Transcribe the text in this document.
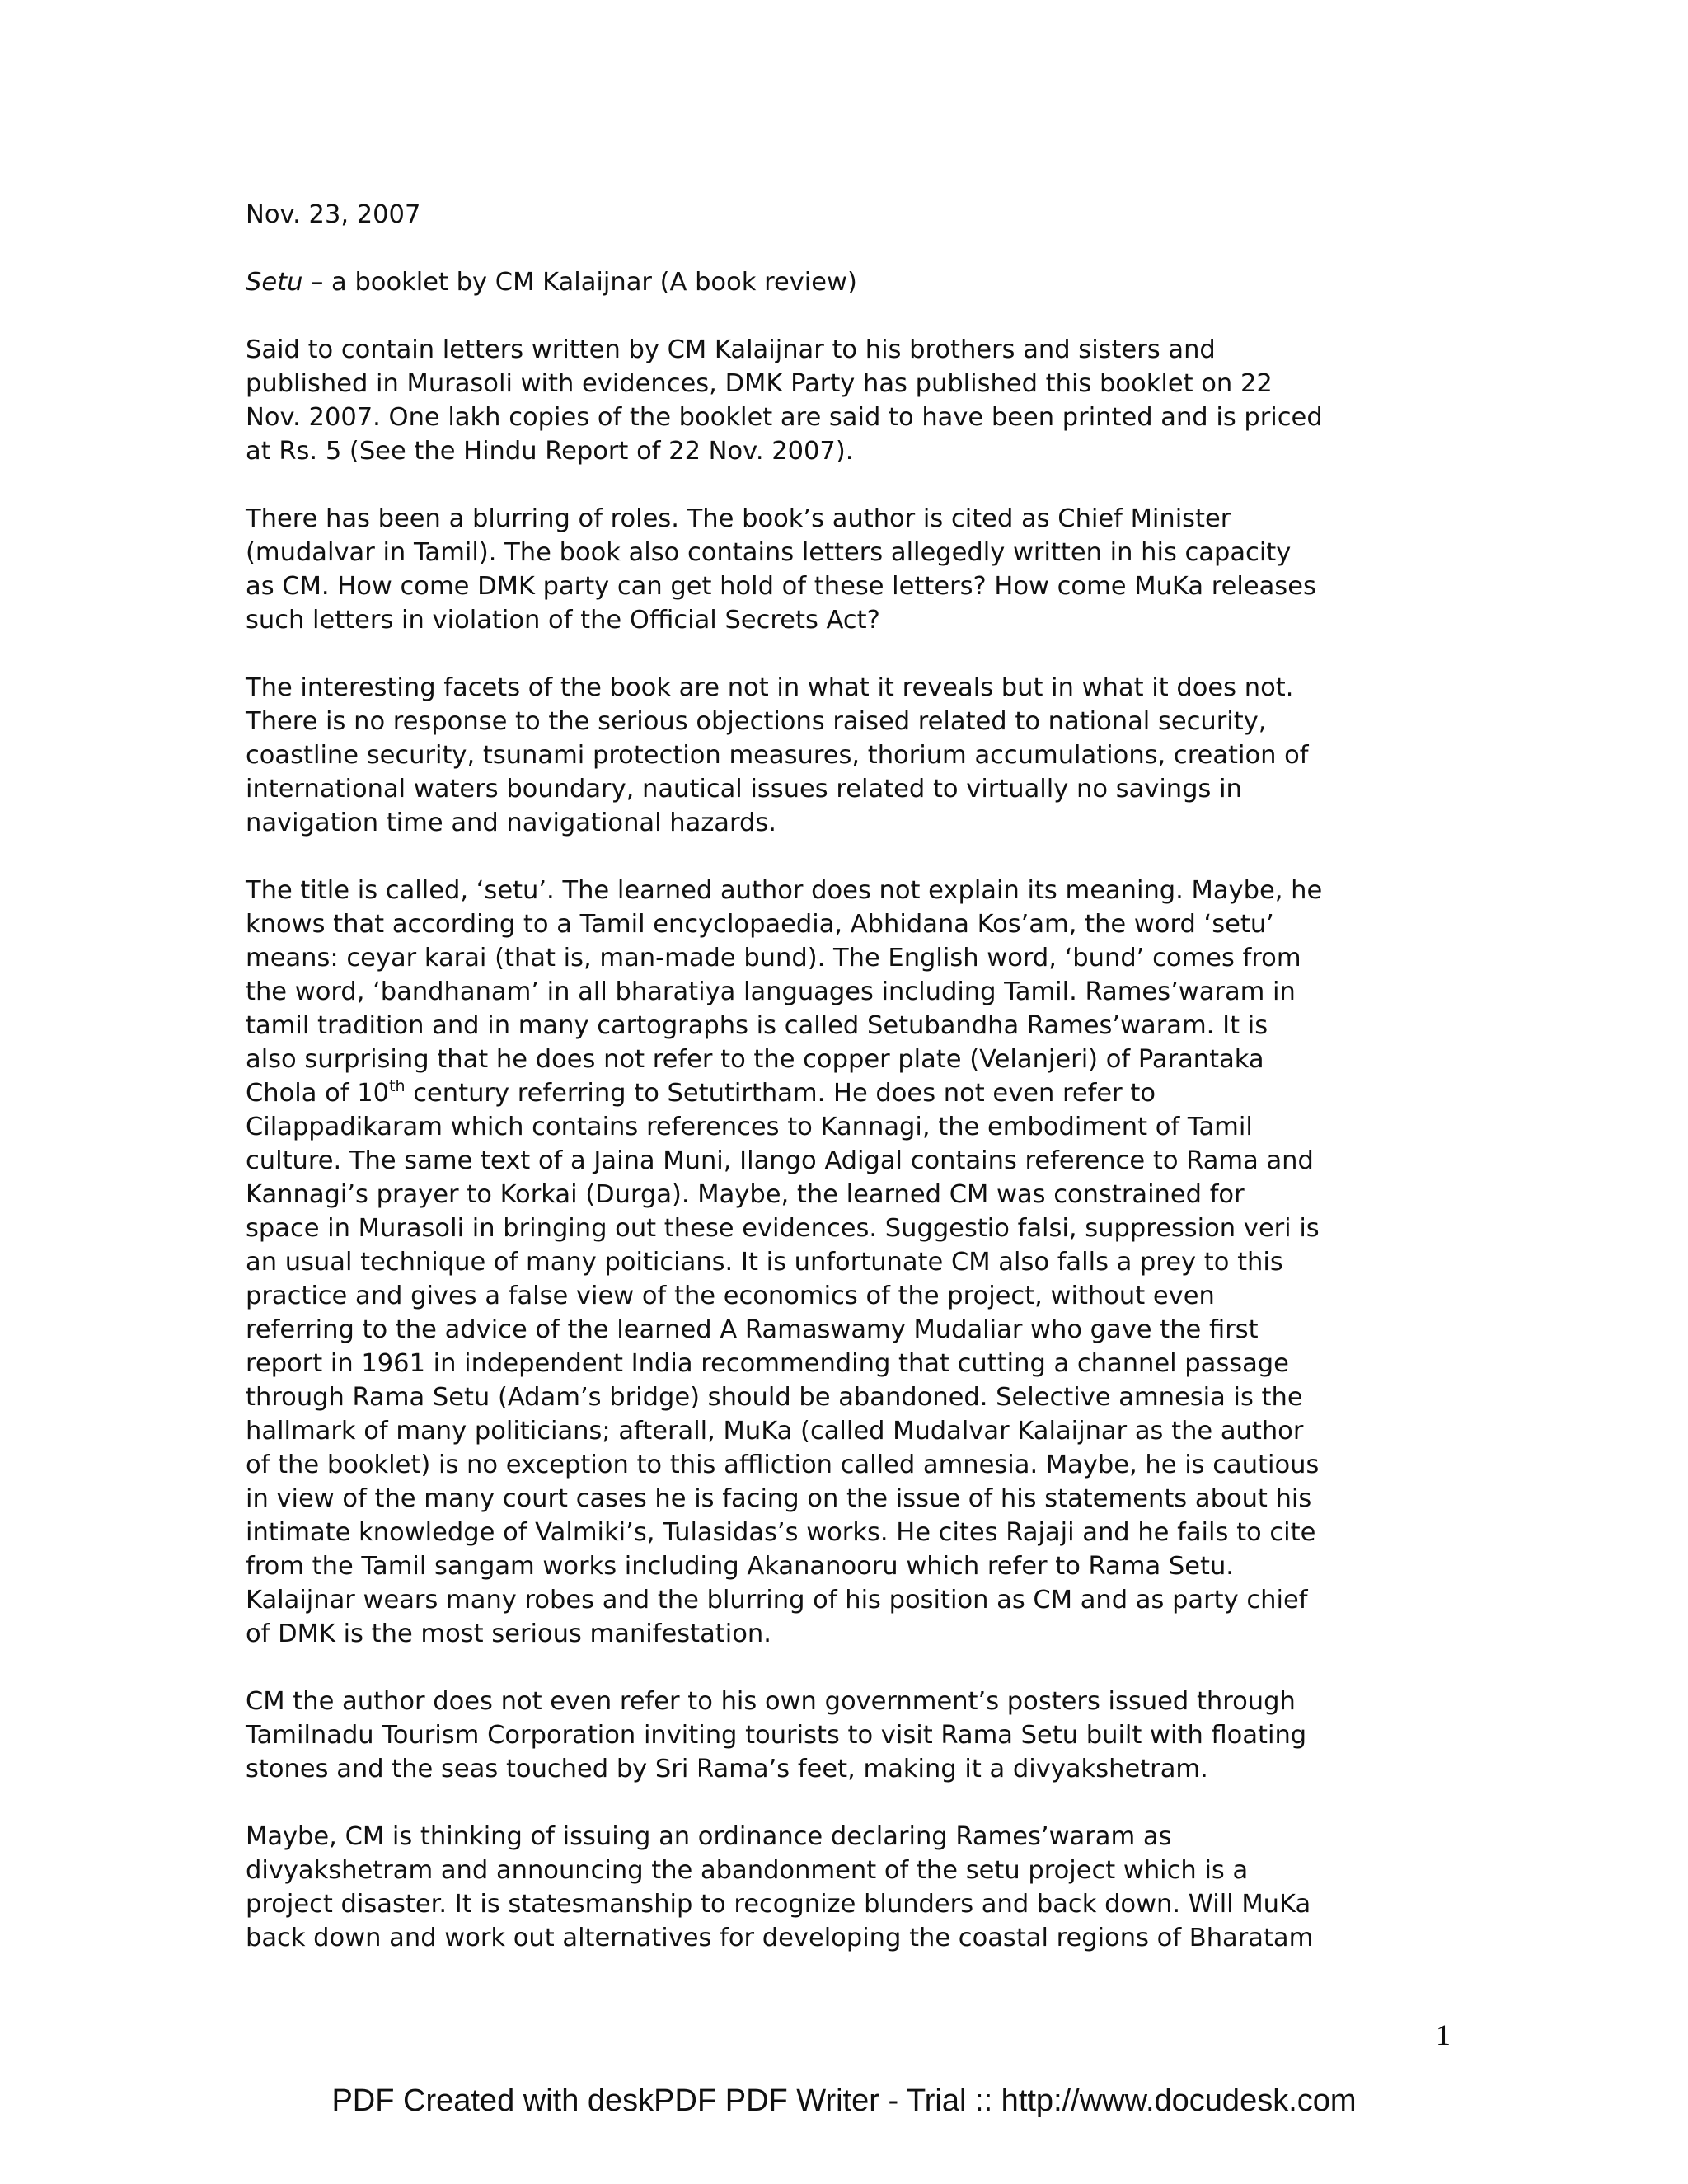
Nov. 23, 2007

Setu – a booklet by CM Kalaijnar (A book review)

Said to contain letters written by CM Kalaijnar to his brothers and sisters and
published in Murasoli with evidences, DMK Party has published this booklet on 22
Nov. 2007. One lakh copies of the booklet are said to have been printed and is priced
at Rs. 5 (See the Hindu Report of 22 Nov. 2007).

There has been a blurring of roles. The book’s author is cited as Chief Minister
(mudalvar in Tamil). The book also contains letters allegedly written in his capacity
as CM. How come DMK party can get hold of these letters? How come MuKa releases
such letters in violation of the Official Secrets Act?

The interesting facets of the book are not in what it reveals but in what it does not.
There is no response to the serious objections raised related to national security,
coastline security, tsunami protection measures, thorium accumulations, creation of
international waters boundary, nautical issues related to virtually no savings in
navigation time and navigational hazards.

The title is called, ‘setu’. The learned author does not explain its meaning. Maybe, he
knows that according to a Tamil encyclopaedia, Abhidana Kos’am, the word ‘setu’
means: ceyar karai (that is, man-made bund). The English word, ‘bund’ comes from
the word, ‘bandhanam’ in all bharatiya languages including Tamil. Rames’waram in
tamil tradition and in many cartographs is called Setubandha Rames’waram. It is
also surprising that he does not refer to the copper plate (Velanjeri) of Parantaka
Chola of 10th century referring to Setutirtham. He does not even refer to
Cilappadikaram which contains references to Kannagi, the embodiment of Tamil
culture. The same text of a Jaina Muni, Ilango Adigal contains reference to Rama and
Kannagi’s prayer to Korkai (Durga). Maybe, the learned CM was constrained for
space in Murasoli in bringing out these evidences. Suggestio falsi, suppression veri is
an usual technique of many poiticians. It is unfortunate CM also falls a prey to this
practice and gives a false view of the economics of the project, without even
referring to the advice of the learned A Ramaswamy Mudaliar who gave the first
report in 1961 in independent India recommending that cutting a channel passage
through Rama Setu (Adam’s bridge) should be abandoned. Selective amnesia is the
hallmark of many politicians; afterall, MuKa (called Mudalvar Kalaijnar as the author
of the booklet) is no exception to this affliction called amnesia. Maybe, he is cautious
in view of the many court cases he is facing on the issue of his statements about his
intimate knowledge of Valmiki’s, Tulasidas’s works. He cites Rajaji and he fails to cite
from the Tamil sangam works including Akananooru which refer to Rama Setu.
Kalaijnar wears many robes and the blurring of his position as CM and as party chief
of DMK is the most serious manifestation.

CM the author does not even refer to his own government’s posters issued through
Tamilnadu Tourism Corporation inviting tourists to visit Rama Setu built with floating
stones and the seas touched by Sri Rama’s feet, making it a divyakshetram.

Maybe, CM is thinking of issuing an ordinance declaring Rames’waram as
divyakshetram and announcing the abandonment of the setu project which is a
project disaster. It is statesmanship to recognize blunders and back down. Will MuKa
back down and work out alternatives for developing the coastal regions of Bharatam

1
PDF Created with deskPDF PDF Writer - Trial :: http://www.docudesk.com
